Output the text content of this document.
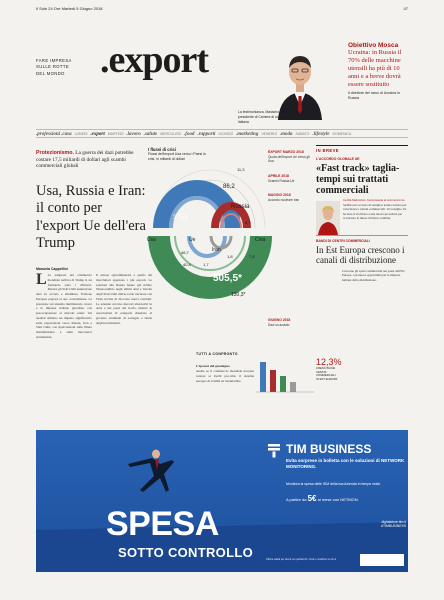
Il Sole 24 Ore Martedì 5 Giugno 2018	47
FARE IMPRESA
SULLE ROTTE
DEL MONDO .export
La testimonianza. Massimo Cottone è il presidente di Camera di commercio italiana
Obiettivo Mosca
Ucraina: in Russia il 70% delle macchine utensili ha più di 10 anni e a breve dovrà essere sostituito
Il direttore del ramo di Ucraina in Russia
.professioni .casa LUNEDÌ .export MARTEDÌ .lavoro .salute MERCOLEDÌ .food .rapporti GIOVEDÌ .marketing VENERDÌ .moda SABATO .lifestyle DOMENICA
Protezionismo. La guerra dei dazi potrebbe costare 17,5 miliardi di dollari agli scambi commerciali globali
Usa, Russia e Iran: il conto per l'export Ue dell'era Trump
Manuela Cappellini
L La tempesta del commercio mondiale nell'era di Trump si sta formando sotto i riflettori. Mentre gli Stati Uniti annunciano dazi su acciaio e alluminio, l'Unione Europea prepara le sue contromisure. La pressione sul sistema multilaterale cresce e le imprese italiane guardano con preoccupazione ai mercati esteri. Gli analisti stimano un impatto significativo sulle esportazioni verso Russia, Iran e Stati Uniti, con ripercussioni sulle filiere manifatturiere e sulla meccanica strumentale.
Il settore agroalimentare e quello dei macchinari appaiono i più esposti. Le sanzioni alla Russia hanno già ridotto l'interscambio negli ultimi anni e l'uscita degli Stati Uniti dall'accordo nucleare con l'Iran rischia di bloccare nuovi contratti. Le aziende cercano mercati alternativi in Asia e nei paesi del Golfo, mentre le associazioni di categoria chiedono al governo strumenti di sostegno e tutela degli investimenti.
Russia
Usa	Ue
Iran
Cina
375,8
86,2
505,5*
130,3*
46,7
40,4	1,7
1,8
6,7
11,3
7,8
I flussi di crisi
Flussi dell'export Usa verso i Paesi in crisi, in miliardi di dollari
EXPORT MARZO 2018
Quota dell'export Ue verso gli Usa
APRILE 2018
Scambi Russia-Ue
MAGGIO 2018
Accordo nucleare Iran
GIUGNO 2018
Dazi su acciaio
TUTTI A CONFRONTO
L'ipotesi del guadagno
Anche se il commercio mondiale dovesse tornare ai livelli pre-crisi, il sistema europeo di scambi ne risentirebbe.
IN BREVE
L'ACCORDO GLOBALE UE
«Fast track» taglia-tempi sui trattati commerciali
Cecilia Malmström Commissaria al commercio Ue
Sembra un accordo di semplice natura tecnica per velocizzare i trattati commerciali. Il Consiglio Ue ha dato il via libera a una nuova procedura per accelerare le intese di libero scambio.
BANDI DI CENTRI COMMERCIALI
In Est Europa crescono i canali di distribuzione
Crescono gli spazi commerciali nei paesi dell'Est Europa, con nuove opportunità per le imprese italiane della distribuzione.
12,3%
CRESCITA DEI CENTRI COMMERCIALI IN EST EUROPA
SPESA
SOTTO CONTROLLO
TIM BUSINESS
Evita sorprese in bolletta con le soluzioni di NETWORK MONITORING.
Monitora la spesa delle SIM della tua Azienda in tempo reale.
A partire da 5€ al mese con NETMON.
digitalstore.tim.it #TIMBUSINESS
Offerta valida per clienti con partita IVA. Costi e condizioni su tim.it
